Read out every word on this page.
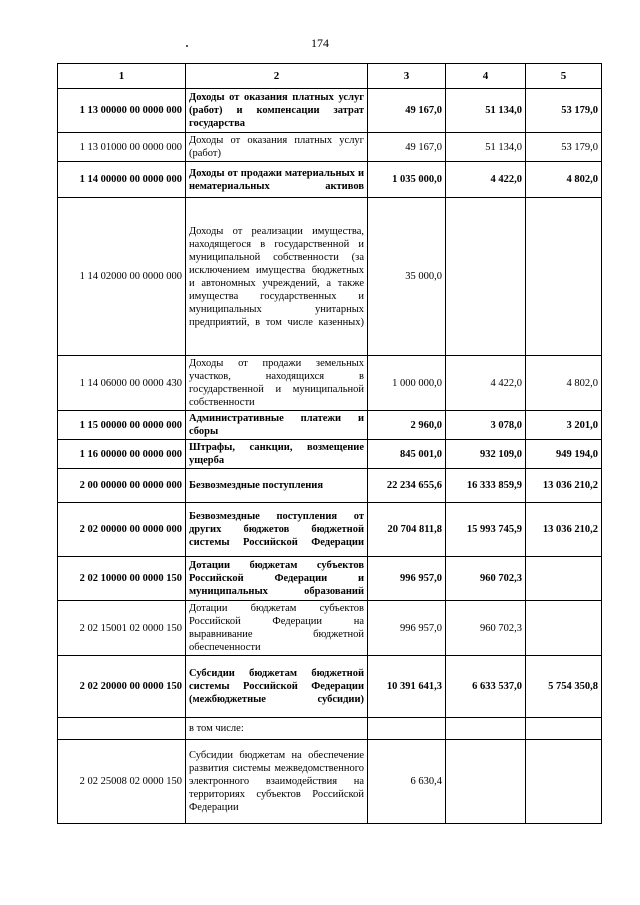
174
1	2	3	4	5
1 13 00000 00 0000 000	Доходы от оказания платных услуг (работ) и компенсации затрат государства	49 167,0	51 134,0	53 179,0
1 13 01000 00 0000 000	Доходы от оказания платных услуг (работ)	49 167,0	51 134,0	53 179,0
1 14 00000 00 0000 000	Доходы от продажи материальных и нематериальных активов	1 035 000,0	4 422,0	4 802,0
1 14 02000 00 0000 000	Доходы от реализации имущества, находящегося в государственной и муниципальной собственности (за исключением имущества бюджетных и автономных учреждений, а также имущества государственных и муниципальных унитарных предприятий, в том числе казенных)	35 000,0		
1 14 06000 00 0000 430	Доходы от продажи земельных участков, находящихся в государственной и муниципальной собственности	1 000 000,0	4 422,0	4 802,0
1 15 00000 00 0000 000	Административные платежи и сборы	2 960,0	3 078,0	3 201,0
1 16 00000 00 0000 000	Штрафы, санкции, возмещение ущерба	845 001,0	932 109,0	949 194,0
2 00 00000 00 0000 000	Безвозмездные поступления	22 234 655,6	16 333 859,9	13 036 210,2
2 02 00000 00 0000 000	Безвозмездные поступления от других бюджетов бюджетной системы Российской Федерации	20 704 811,8	15 993 745,9	13 036 210,2
2 02 10000 00 0000 150	Дотации бюджетам субъектов Российской Федерации и муниципальных образований	996 957,0	960 702,3	
2 02 15001 02 0000 150	Дотации бюджетам субъектов Российской Федерации на выравнивание бюджетной обеспеченности	996 957,0	960 702,3	
2 02 20000 00 0000 150	Субсидии бюджетам бюджетной системы Российской Федерации (межбюджетные субсидии)	10 391 641,3	6 633 537,0	5 754 350,8
	в том числе:			
2 02 25008 02 0000 150	Субсидии бюджетам на обеспечение развития системы межведомственного электронного взаимодействия на территориях субъектов Российской Федерации	6 630,4		
